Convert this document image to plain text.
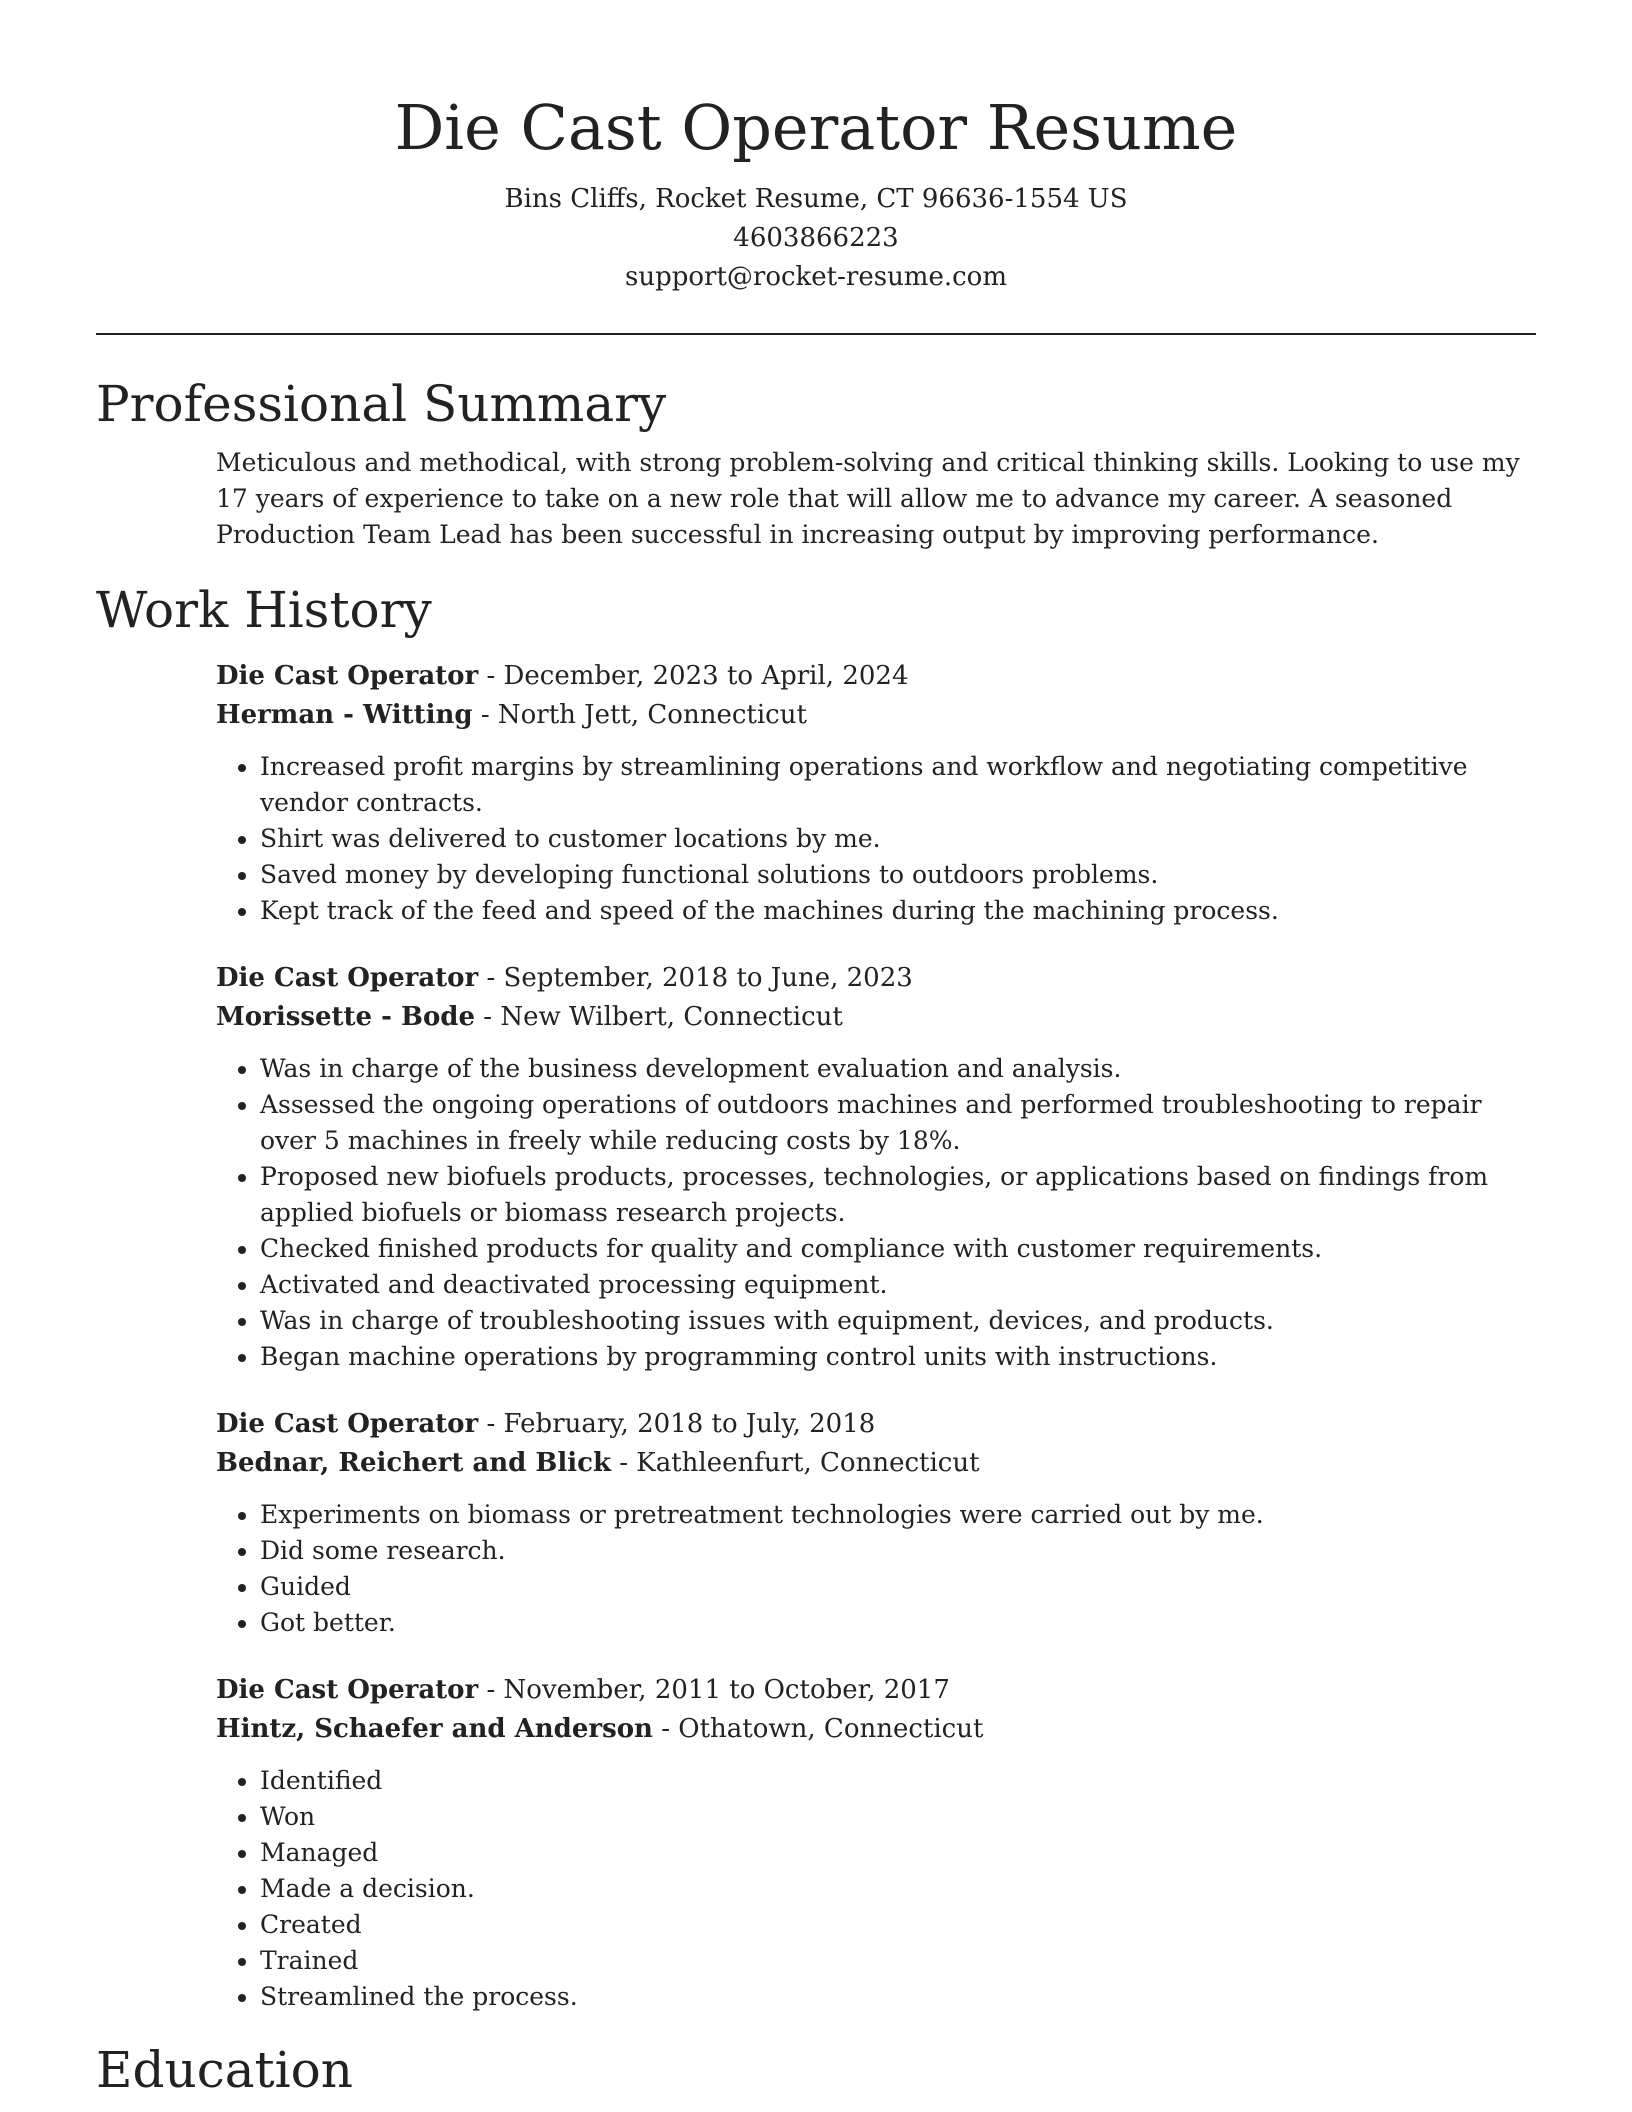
Die Cast Operator Resume
Bins Cliffs, Rocket Resume, CT 96636-1554 US
4603866223
support@rocket-resume.com
Professional Summary

Meticulous and methodical, with strong problem-solving and critical thinking skills. Looking to use my 17 years of experience to take on a new role that will allow me to advance my career. A seasoned Production Team Lead has been successful in increasing output by improving performance.

Work History
Die Cast Operator - December, 2023 to April, 2024
Herman - Witting - North Jett, Connecticut
• Increased profit margins by streamlining operations and workflow and negotiating competitive vendor contracts.
• Shirt was delivered to customer locations by me.
• Saved money by developing functional solutions to outdoors problems.
• Kept track of the feed and speed of the machines during the machining process.
Die Cast Operator - September, 2018 to June, 2023
Morissette - Bode - New Wilbert, Connecticut
• Was in charge of the business development evaluation and analysis.
• Assessed the ongoing operations of outdoors machines and performed troubleshooting to repair over 5 machines in freely while reducing costs by 18%.
• Proposed new biofuels products, processes, technologies, or applications based on findings from applied biofuels or biomass research projects.
• Checked finished products for quality and compliance with customer requirements.
• Activated and deactivated processing equipment.
• Was in charge of troubleshooting issues with equipment, devices, and products.
• Began machine operations by programming control units with instructions.
Die Cast Operator - February, 2018 to July, 2018
Bednar, Reichert and Blick - Kathleenfurt, Connecticut
• Experiments on biomass or pretreatment technologies were carried out by me.
• Did some research.
• Guided
• Got better.
Die Cast Operator - November, 2011 to October, 2017
Hintz, Schaefer and Anderson - Othatown, Connecticut
• Identified
• Won
• Managed
• Made a decision.
• Created
• Trained
• Streamlined the process.
Education
